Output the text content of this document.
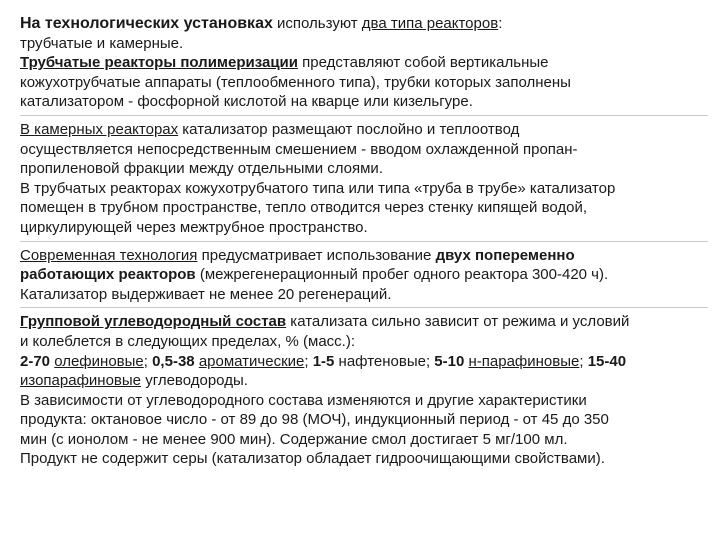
На технологических установках используют два типа реакторов:
трубчатые и камерные.
Трубчатые реакторы полимеризации представляют собой вертикальные
кожухотрубчатые аппараты (теплообменного типа), трубки которых заполнены
катализатором - фосфорной кислотой на кварце или кизельгуре.
В камерных реакторах катализатор размещают послойно и теплоотвод
осуществляется непосредственным смешением - вводом охлажденной пропан-
пропиленовой фракции между отдельными слоями.
В трубчатых реакторах кожухотрубчатого типа или типа «труба в трубе» катализатор
помещен в трубном пространстве, тепло отводится через стенку кипящей водой,
циркулирующей через межтрубное пространство.
Современная технология предусматривает использование двух попеременно
работающих реакторов (межрегенерационный пробег одного реактора 300-420 ч).
Катализатор выдерживает не менее 20 регенераций.
Групповой углеводородный состав катализата сильно зависит от режима и условий
и колеблется в следующих пределах, % (масс.):
2-70 олефиновые; 0,5-38 ароматические; 1-5 нафтеновые; 5-10 н-парафиновые; 15-40
изопарафиновые углеводороды.
В зависимости от углеводородного состава изменяются и другие характеристики
продукта: октановое число - от 89 до 98 (МОЧ), индукционный период - от 45 до 350
мин (с ионолом - не менее 900 мин). Содержание смол достигает 5 мг/100 мл.
Продукт не содержит серы (катализатор обладает гидроочищающими свойствами).
